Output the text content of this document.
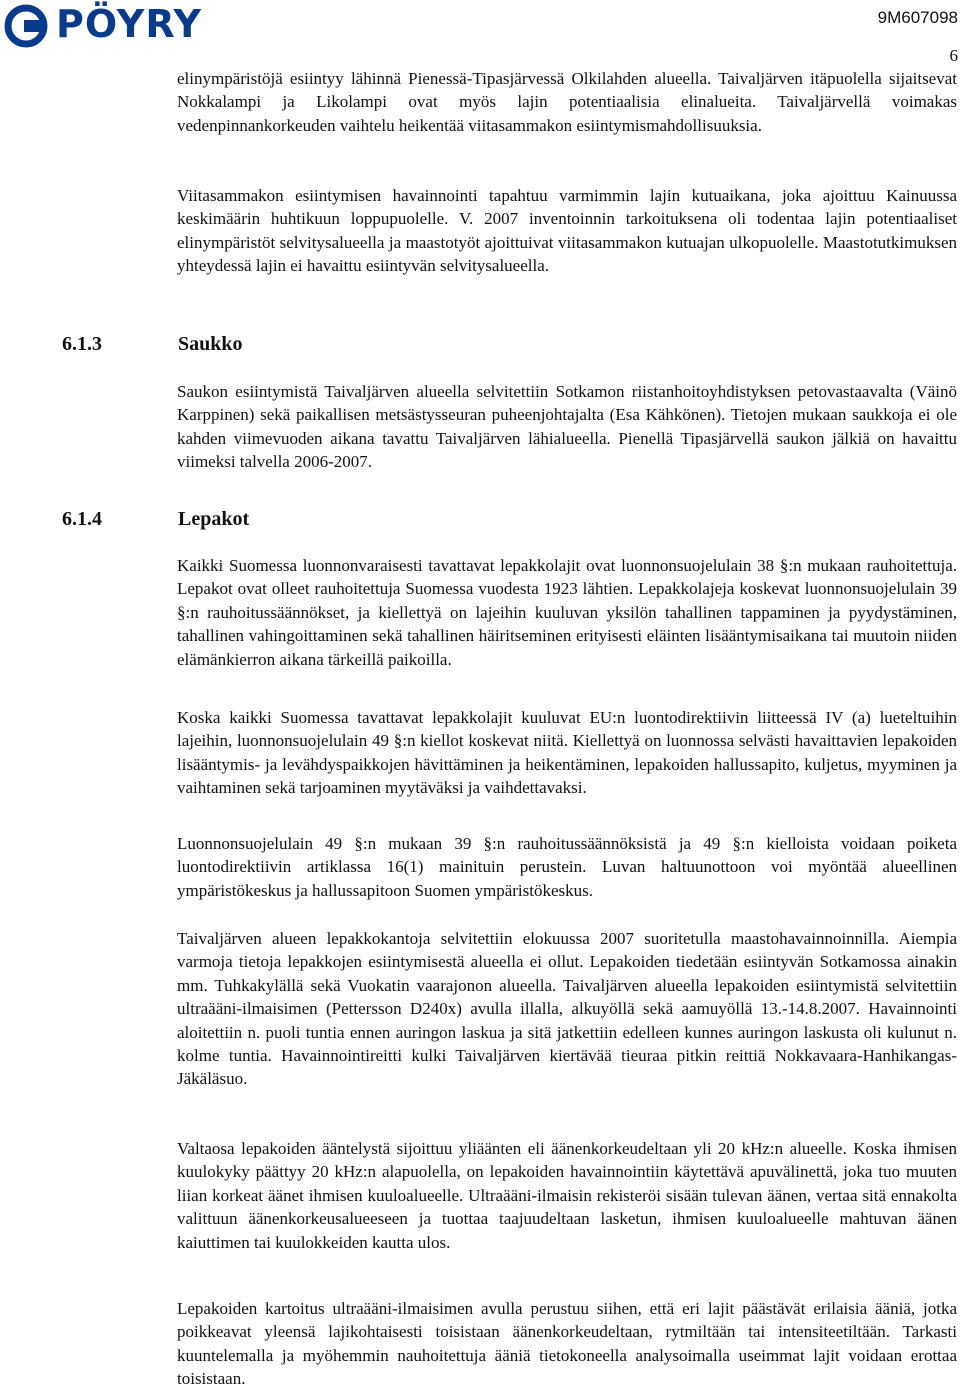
PÖYRY	9M607098
6

elinympäristöjä esiintyy lähinnä Pienessä-Tipasjärvessä Olkilahden alueella. Taivaljärven itäpuolella sijaitsevat Nokkalampi ja Likolampi ovat myös lajin potentiaalisia elinalueita. Taivaljärvellä voimakas vedenpinnankorkeuden vaihtelu heikentää viitasammakon esiintymismahdollisuuksia.

Viitasammakon esiintymisen havainnointi tapahtuu varmimmin lajin kutuaikana, joka ajoittuu Kainuussa keskimäärin huhtikuun loppupuolelle. V. 2007 inventoinnin tarkoituksena oli todentaa lajin potentiaaliset elinympäristöt selvitysalueella ja maastotyöt ajoittuivat viitasammakon kutuajan ulkopuolelle. Maastotutkimuksen yhteydessä lajin ei havaittu esiintyvän selvitysalueella.

6.1.3	Saukko

Saukon esiintymistä Taivaljärven alueella selvitettiin Sotkamon riistanhoitoyhdistyksen petovastaavalta (Väinö Karppinen) sekä paikallisen metsästysseuran puheenjohtajalta (Esa Kähkönen). Tietojen mukaan saukkoja ei ole kahden viimevuoden aikana tavattu Taivaljärven lähialueella. Pienellä Tipasjärvellä saukon jälkiä on havaittu viimeksi talvella 2006-2007.

6.1.4	Lepakot

Kaikki Suomessa luonnonvaraisesti tavattavat lepakkolajit ovat luonnonsuojelulain 38 §:n mukaan rauhoitettuja. Lepakot ovat olleet rauhoitettuja Suomessa vuodesta 1923 lähtien. Lepakkolajeja koskevat luonnonsuojelulain 39 §:n rauhoitussäännökset, ja kiellettyä on lajeihin kuuluvan yksilön tahallinen tappaminen ja pyydystäminen, tahallinen vahingoittaminen sekä tahallinen häiritseminen erityisesti eläinten lisääntymisaikana tai muutoin niiden elämänkierron aikana tärkeillä paikoilla.

Koska kaikki Suomessa tavattavat lepakkolajit kuuluvat EU:n luontodirektiivin liitteessä IV (a) lueteltuihin lajeihin, luonnonsuojelulain 49 §:n kiellot koskevat niitä. Kiellettyä on luonnossa selvästi havaittavien lepakoiden lisääntymis- ja levähdyspaikkojen hävittäminen ja heikentäminen, lepakoiden hallussapito, kuljetus, myyminen ja vaihtaminen sekä tarjoaminen myytäväksi ja vaihdettavaksi.

Luonnonsuojelulain 49 §:n mukaan 39 §:n rauhoitussäännöksistä ja 49 §:n kielloista voidaan poiketa luontodirektiivin artiklassa 16(1) mainituin perustein. Luvan haltuunottoon voi myöntää alueellinen ympäristökeskus ja hallussapitoon Suomen ympäristökeskus.

Taivaljärven alueen lepakkokantoja selvitettiin elokuussa 2007 suoritetulla maastohavainnoinnilla. Aiempia varmoja tietoja lepakkojen esiintymisestä alueella ei ollut. Lepakoiden tiedetään esiintyvän Sotkamossa ainakin mm. Tuhkakylällä sekä Vuokatin vaarajonon alueella. Taivaljärven alueella lepakoiden esiintymistä selvitettiin ultraääni-ilmaisimen (Pettersson D240x) avulla illalla, alkuyöllä sekä aamuyöllä 13.-14.8.2007. Havainnointi aloitettiin n. puoli tuntia ennen auringon laskua ja sitä jatkettiin edelleen kunnes auringon laskusta oli kulunut n. kolme tuntia. Havainnointireitti kulki Taivaljärven kiertävää tieuraa pitkin reittiä Nokkavaara-Hanhikangas-Jäkäläsuo.

Valtaosa lepakoiden ääntelystä sijoittuu yliäänten eli äänenkorkeudeltaan yli 20 kHz:n alueelle. Koska ihmisen kuulokyky päättyy 20 kHz:n alapuolella, on lepakoiden havainnointiin käytettävä apuvälinettä, joka tuo muuten liian korkeat äänet ihmisen kuuloalueelle. Ultraääni-ilmaisin rekisteröi sisään tulevan äänen, vertaa sitä ennakolta valittuun äänenkorkeusalueeseen ja tuottaa taajuudeltaan lasketun, ihmisen kuuloalueelle mahtuvan äänen kaiuttimen tai kuulokkeiden kautta ulos.

Lepakoiden kartoitus ultraääni-ilmaisimen avulla perustuu siihen, että eri lajit päästävät erilaisia ääniä, jotka poikkeavat yleensä lajikohtaisesti toisistaan äänenkorkeudeltaan, rytmiltään tai intensiteetiltään. Tarkasti kuuntelemalla ja myöhemmin nauhoitettuja ääniä tietokoneella analysoimalla useimmat lajit voidaan erottaa toisistaan.
